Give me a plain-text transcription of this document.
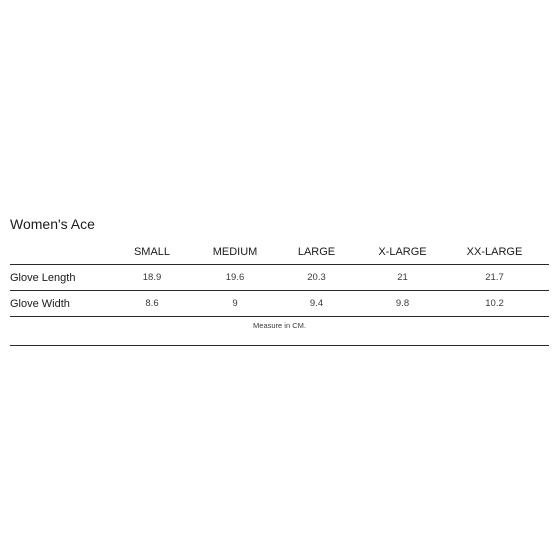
Women's Ace
	SMALL	MEDIUM	LARGE	X-LARGE	XX-LARGE
Glove Length	18.9	19.6	20.3	21	21.7
Glove Width	8.6	9	9.4	9.8	10.2
Measure in CM.					
